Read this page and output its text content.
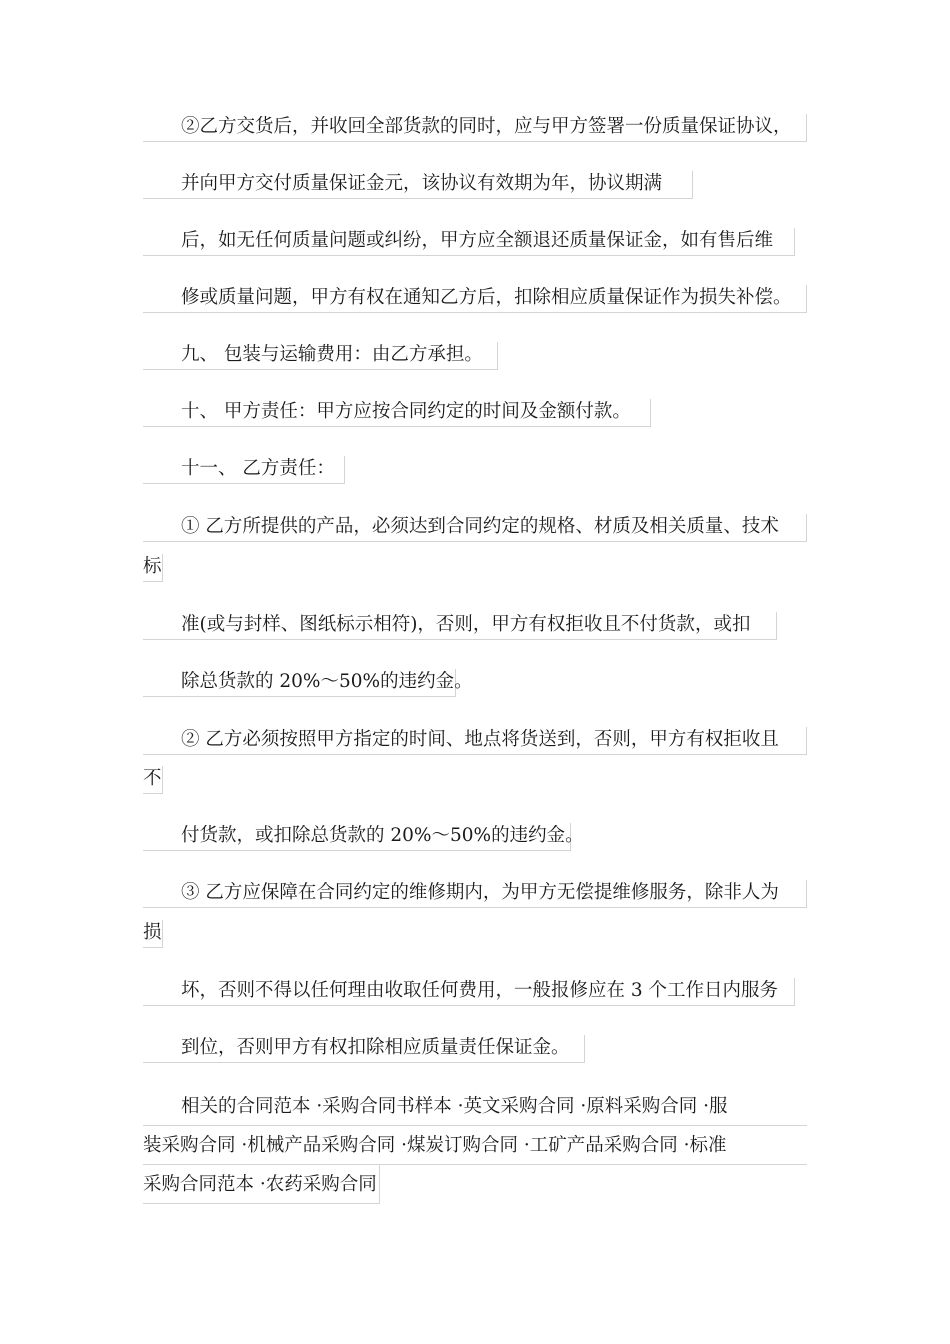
②乙方交货后，并收回全部货款的同时，应与甲方签署一份质量保证协议，
并向甲方交付质量保证金元，该协议有效期为年，协议期满
后，如无任何质量问题或纠纷，甲方应全额退还质量保证金，如有售后维
修或质量问题，甲方有权在通知乙方后，扣除相应质量保证作为损失补偿。
九、 包装与运输费用：由乙方承担。
十、 甲方责任：甲方应按合同约定的时间及金额付款。
十一、 乙方责任：
① 乙方所提供的产品，必须达到合同约定的规格、材质及相关质量、技术
标
准(或与封样、图纸标示相符)，否则，甲方有权拒收且不付货款，或扣
除总货款的 20%～50%的违约金。
② 乙方必须按照甲方指定的时间、地点将货送到，否则，甲方有权拒收且
不
付货款，或扣除总货款的 20%～50%的违约金。
③ 乙方应保障在合同约定的维修期内，为甲方无偿提维修服务，除非人为
损
坏，否则不得以任何理由收取任何费用，一般报修应在 3 个工作日内服务
到位，否则甲方有权扣除相应质量责任保证金。
相关的合同范本 ·采购合同书样本 ·英文采购合同 ·原料采购合同 ·服
装采购合同 ·机械产品采购合同 ·煤炭订购合同 ·工矿产品采购合同 ·标准
采购合同范本 ·农药采购合同
